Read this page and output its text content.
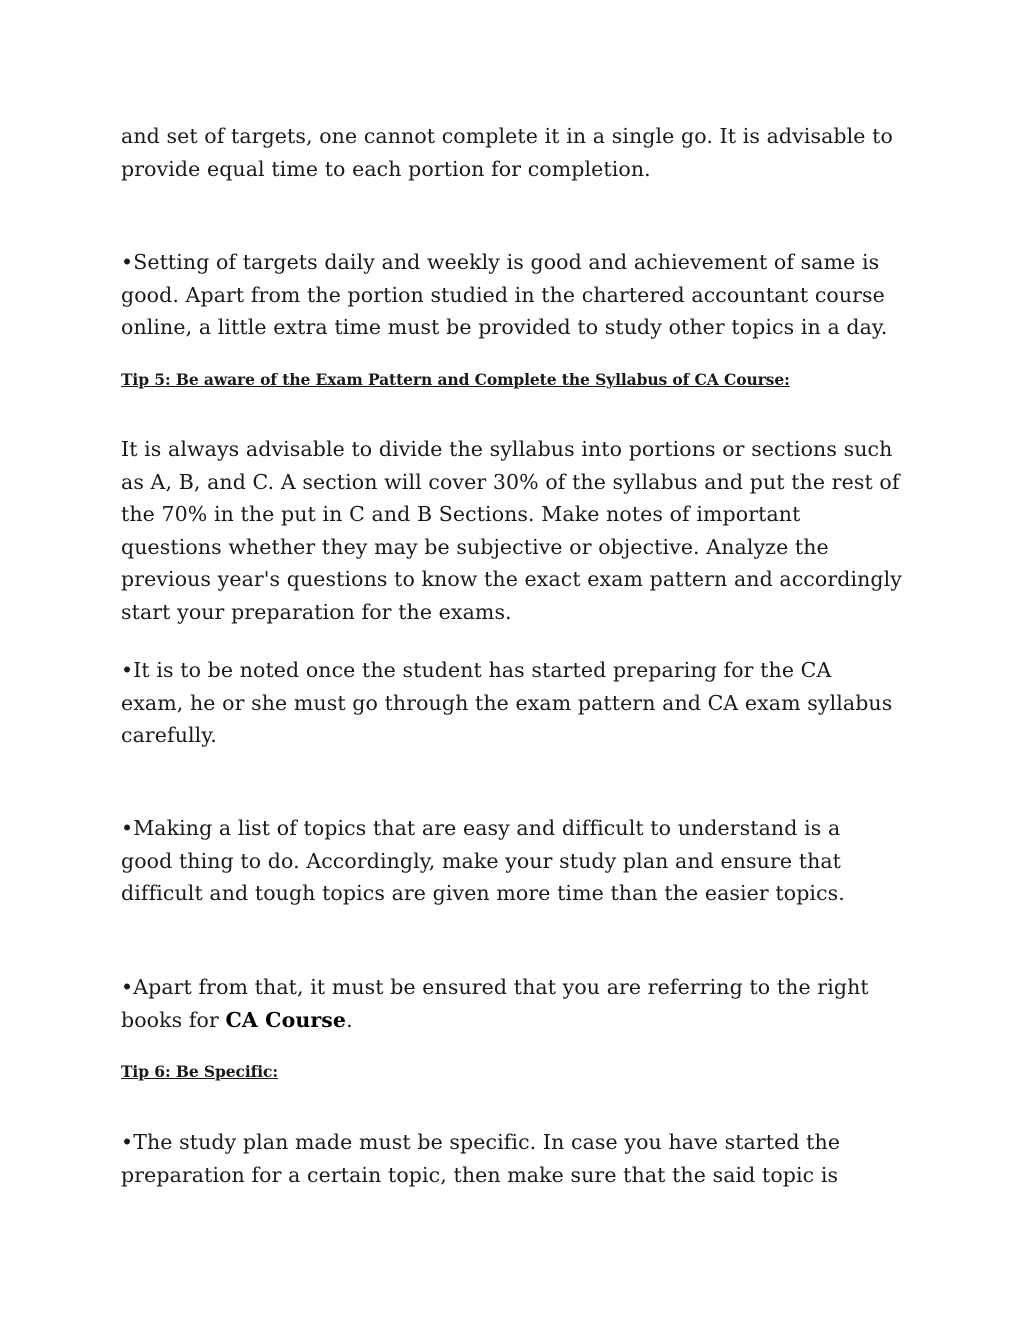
and set of targets, one cannot complete it in a single go. It is advisable to
provide equal time to each portion for completion.

•Setting of targets daily and weekly is good and achievement of same is
good. Apart from the portion studied in the chartered accountant course
online, a little extra time must be provided to study other topics in a day.

Tip 5: Be aware of the Exam Pattern and Complete the Syllabus of CA Course:

It is always advisable to divide the syllabus into portions or sections such
as A, B, and C. A section will cover 30% of the syllabus and put the rest of
the 70% in the put in C and B Sections. Make notes of important
questions whether they may be subjective or objective. Analyze the
previous year's questions to know the exact exam pattern and accordingly
start your preparation for the exams.

•It is to be noted once the student has started preparing for the CA
exam, he or she must go through the exam pattern and CA exam syllabus
carefully.

•Making a list of topics that are easy and difficult to understand is a
good thing to do. Accordingly, make your study plan and ensure that
difficult and tough topics are given more time than the easier topics.

•Apart from that, it must be ensured that you are referring to the right
books for CA Course.

Tip 6: Be Specific:

•The study plan made must be specific. In case you have started the
preparation for a certain topic, then make sure that the said topic is
